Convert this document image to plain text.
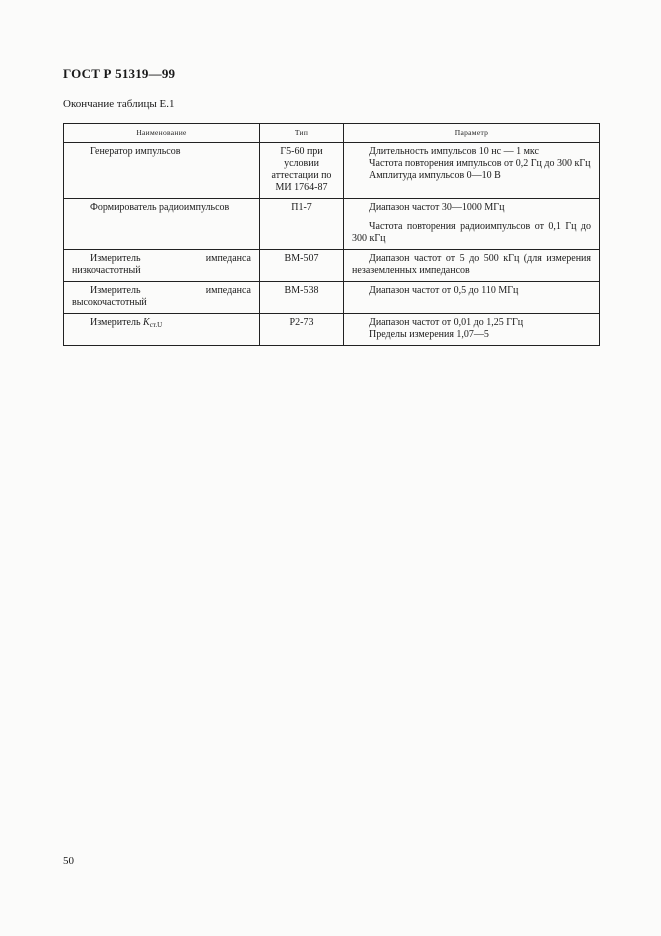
ГОСТ Р 51319—99
Окончание таблицы Е.1
Наименование	Тип	Параметр
Генератор импульсов	Г5-60 при условии аттестации по МИ 1764-87	Длительность импульсов 10 нс — 1 мкс
Частота повторения импульсов от 0,2 Гц до 300 кГц
Амплитуда импульсов 0—10 В

Формирователь радиоимпульсов	П1-7	Диапазон частот 30—1000 МГц
Частота повторения радиоимпульсов от 0,1 Гц до 300 кГц

Измеритель импеданса низкочастотный	ВМ-507	Диапазон частот от 5 до 500 кГц (для измерения незаземленных импедансов

Измеритель импеданса высокочастотный	ВМ-538	Диапазон частот от 0,5 до 110 МГц

Измеритель $K_{ст.U}$	Р2-73	Диапазон частот от 0,01 до 1,25 ГГц
Пределы измерения 1,07—5
50
